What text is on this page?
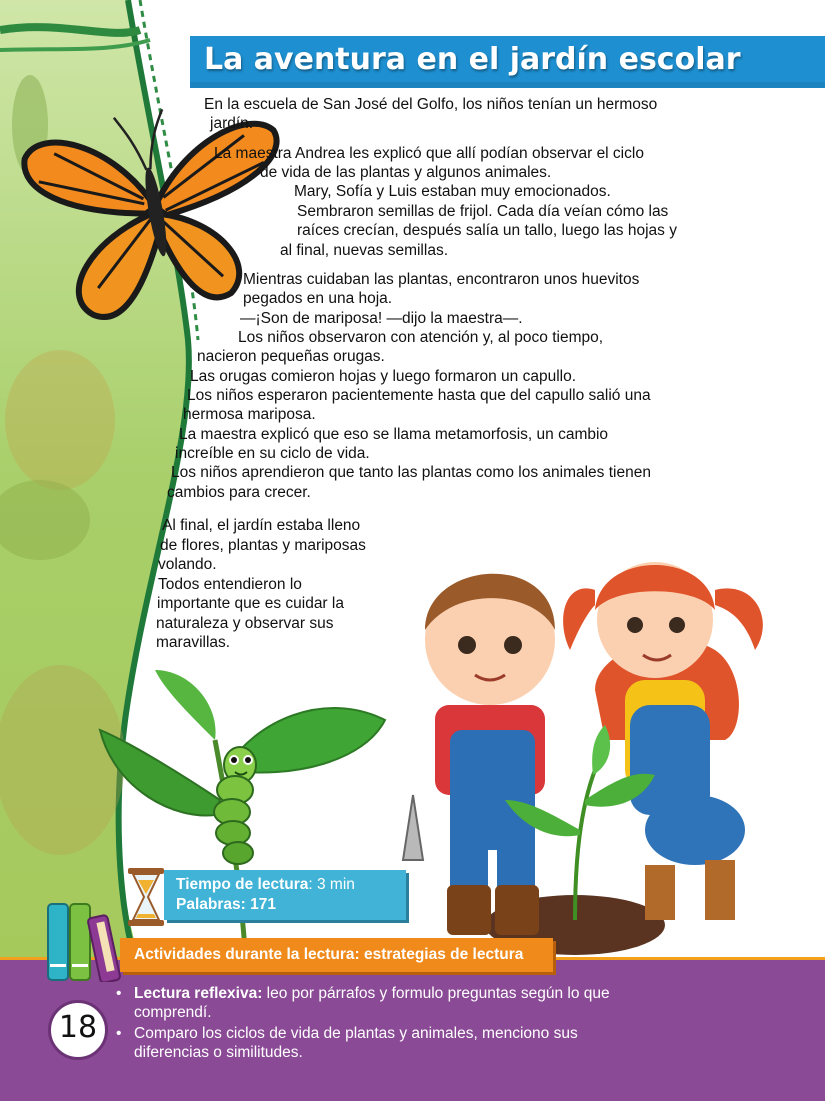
La aventura en el jardín escolar

En la escuela de San José del Golfo, los niños tenían un hermoso

jardín.

La maestra Andrea les explicó que allí podían observar el ciclo

de vida de las plantas y algunos animales.

Mary, Sofía y Luis estaban muy emocionados.

Sembraron semillas de frijol. Cada día veían cómo las

raíces crecían, después salía un tallo, luego las hojas y

al final, nuevas semillas.

Mientras cuidaban las plantas, encontraron unos huevitos

pegados en una hoja.

—¡Son de mariposa! —dijo la maestra—.

Los niños observaron con atención y, al poco tiempo,

nacieron pequeñas orugas.

Las orugas comieron hojas y luego formaron un capullo.

Los niños esperaron pacientemente hasta que del capullo salió una

hermosa mariposa.

La maestra explicó que eso se llama metamorfosis, un cambio

increíble en su ciclo de vida.

Los niños aprendieron que tanto las plantas como los animales tienen

cambios para crecer.

Al final, el jardín estaba lleno

de flores, plantas y mariposas

volando.

Todos entendieron lo

importante que es cuidar la

naturaleza y observar sus

maravillas.

Tiempo de lectura: 3 min
Palabras: 171
Actividades durante la lectura: estrategias de lectura
18
• Lectura reflexiva: leo por párrafos y formulo preguntas según lo que
comprendí.
• Comparo los ciclos de vida de plantas y animales, menciono sus
diferencias o similitudes.
